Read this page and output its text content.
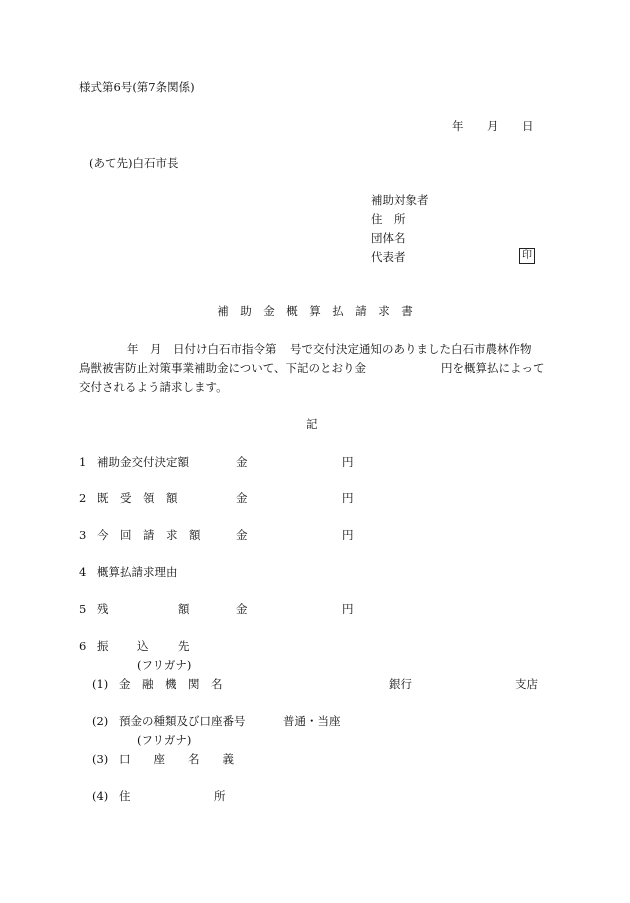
様式第6号(第7条関係)
年 月 日
(あて先)白石市長
補助対象者
住　所
団体名
代表者	印
補　助　金　概　算　払　請　求　書
年 月 日付け白石市指令第 号で交付決定通知のありました白石市農林作物
鳥獣被害防止対策事業補助金について、下記のとおり金	円を概算払によって
交付されるよう請求します。
記
1 補助金交付決定額	金	円
2 既　受　領　額	金	円
3 今　回　請　求　額	金	円
4 概算払請求理由
5 残	額	金	円
6 振 込	先
(フリガナ)
(1) 金　融　機　関　名	銀行	支店
(2) 預金の種類及び口座番号	普通・当座
(フリガナ)
(3) 口　　座　　名　　義
(4) 住	所
